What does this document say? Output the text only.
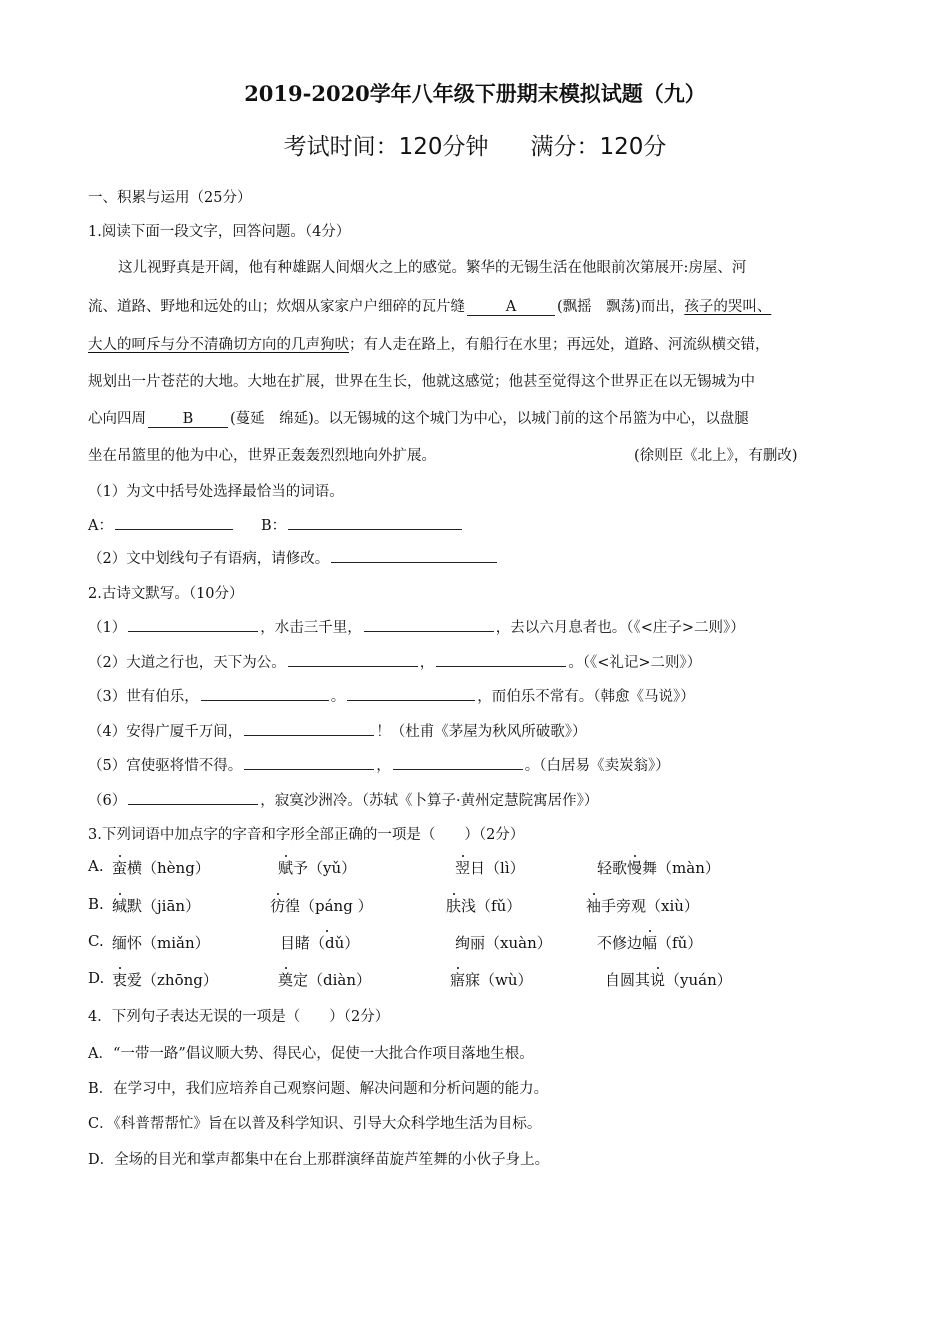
2019-2020学年八年级下册期末模拟试题（九）
考试时间：120分钟 满分：120分
一、积累与运用（25分）
1.阅读下面一段文字，回答问题。（4分）
这儿视野真是开阔，他有种雄踞人间烟火之上的感觉。繁华的无锡生活在他眼前次第展开:房屋、河
流、道路、野地和远处的山；炊烟从家家户户细碎的瓦片缝	A	(飘摇　飘荡)而出，孩子的哭叫、
大人的呵斥与分不清确切方向的几声狗吠；有人走在路上，有船行在水里；再远处，道路、河流纵横交错，
规划出一片苍茫的大地。大地在扩展，世界在生长，他就这感觉；他甚至觉得这个世界正在以无锡城为中
心向四周	B	(蔓延　绵延)。以无锡城的这个城门为中心，以城门前的这个吊篮为中心，以盘腿
坐在吊篮里的他为中心，世界正轰轰烈烈地向外扩展。	(徐则臣《北上》，有删改)
（1）为文中括号处选择最恰当的词语。
A：	B：
（2）文中划线句子有语病，请修改。
2.古诗文默写。（10分）
（1）	，水击三千里，	，去以六月息者也。（《<庄子>二则》）
（2）大道之行也，天下为公。	，	。（《<礼记>二则》）
（3）世有伯乐，	。	，而伯乐不常有。（韩愈《马说》）
（4）安得广厦千万间，	！（杜甫《茅屋为秋风所破歌》）
（5）宫使驱将惜不得。	，	。（白居易《卖炭翁》）
（6）	，寂寞沙洲冷。（苏轼《卜算子·黄州定慧院寓居作》）
3.下列词语中加点字的字音和字形全部正确的一项是（　　）（2分）
A. 蛮横（hèng）	赋予（yǔ）	翌日（lì）	轻歌慢舞（màn）
B. 缄默（jiān）	彷徨（páng ）	肤浅（fǔ）	袖手旁观（xiù）
C. 缅怀（miǎn）	目睹（dǔ）	绚丽（xuàn）	不修边幅（fǔ）
D. 衷爱（zhōng）	奠定（diàn）	寤寐（wù）	自圆其说（yuán）
4．下列句子表达无误的一项是（　　）（2分）
A．“一带一路”倡议顺大势、得民心，促使一大批合作项目落地生根。
B．在学习中，我们应培养自己观察问题、解决问题和分析问题的能力。
C．《科普帮帮忙》旨在以普及科学知识、引导大众科学地生活为目标。
D．全场的目光和掌声都集中在台上那群演绎苗旋芦笙舞的小伙子身上。
